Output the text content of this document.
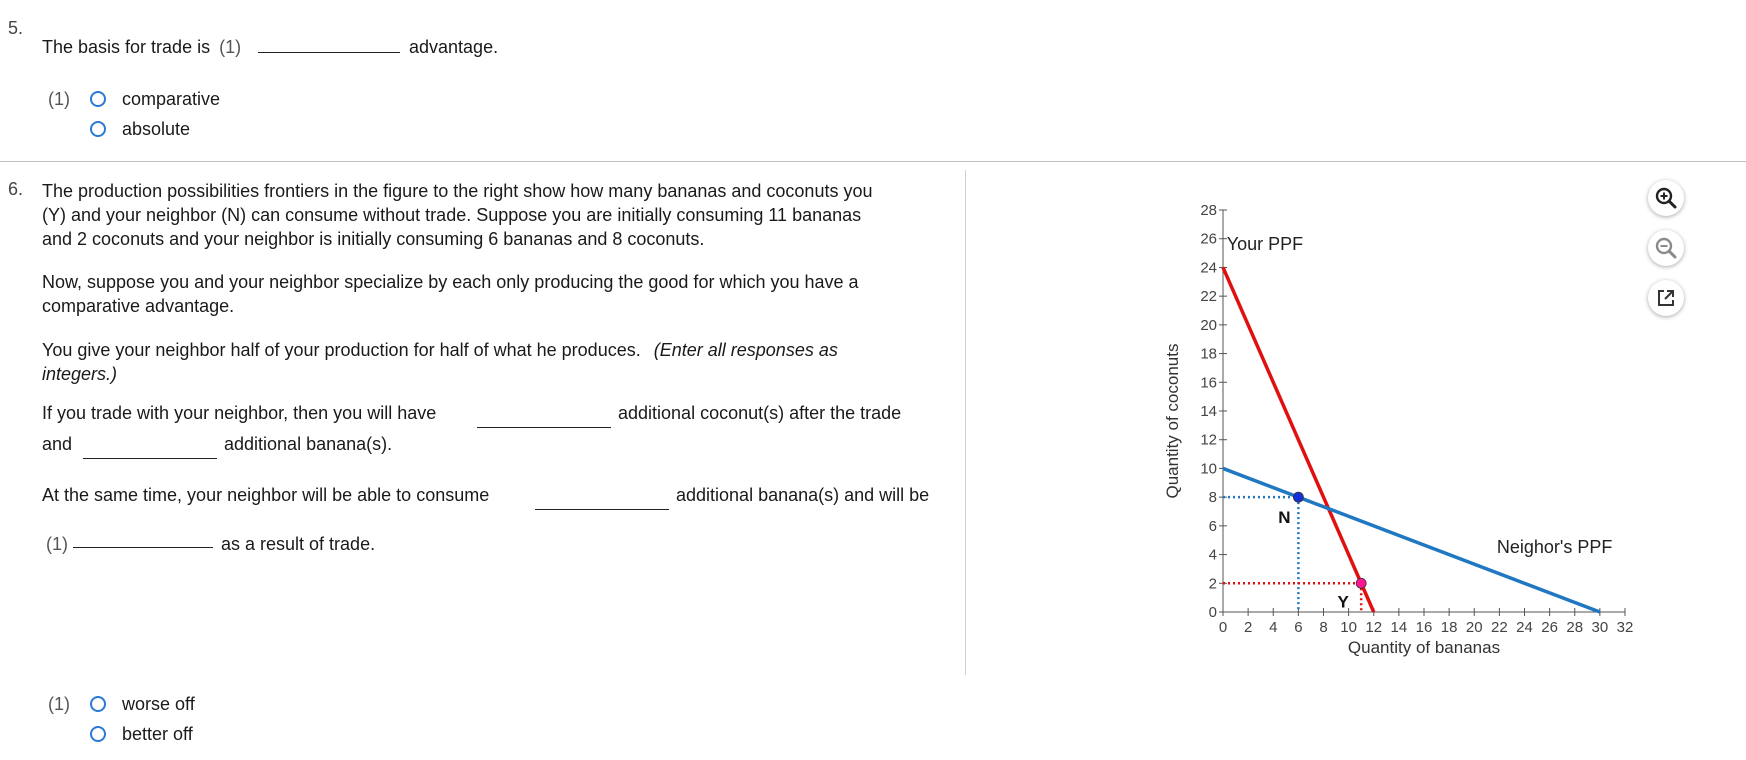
5.
The basis for trade is (1)	advantage.
(1)	comparative
absolute
6. The production possibilities frontiers in the figure to the right show how many bananas and coconuts you
(Y) and your neighbor (N) can consume without trade. Suppose you are initially consuming 11 bananas
and 2 coconuts and your neighbor is initially consuming 6 bananas and 8 coconuts.
Now, suppose you and your neighbor specialize by each only producing the good for which you have a
comparative advantage.
You give your neighbor half of your production for half of what he produces. (Enter all responses as
integers.)
If you trade with your neighbor, then you will have	additional coconut(s) after the trade
and	additional banana(s).
At the same time, your neighbor will be able to consume	additional banana(s) and will be
(1)	as a result of trade.
(1)	worse off
better off
0 2 4 6 8 10 12 14 16 18 20 22 24 26 28 30 32
0
2
4
6
8
10
12
14
16
18
20
22
24
26
28
Your PPF
Neighor's PPF
N
Y
Quantity of bananas
Quantity of coconuts
